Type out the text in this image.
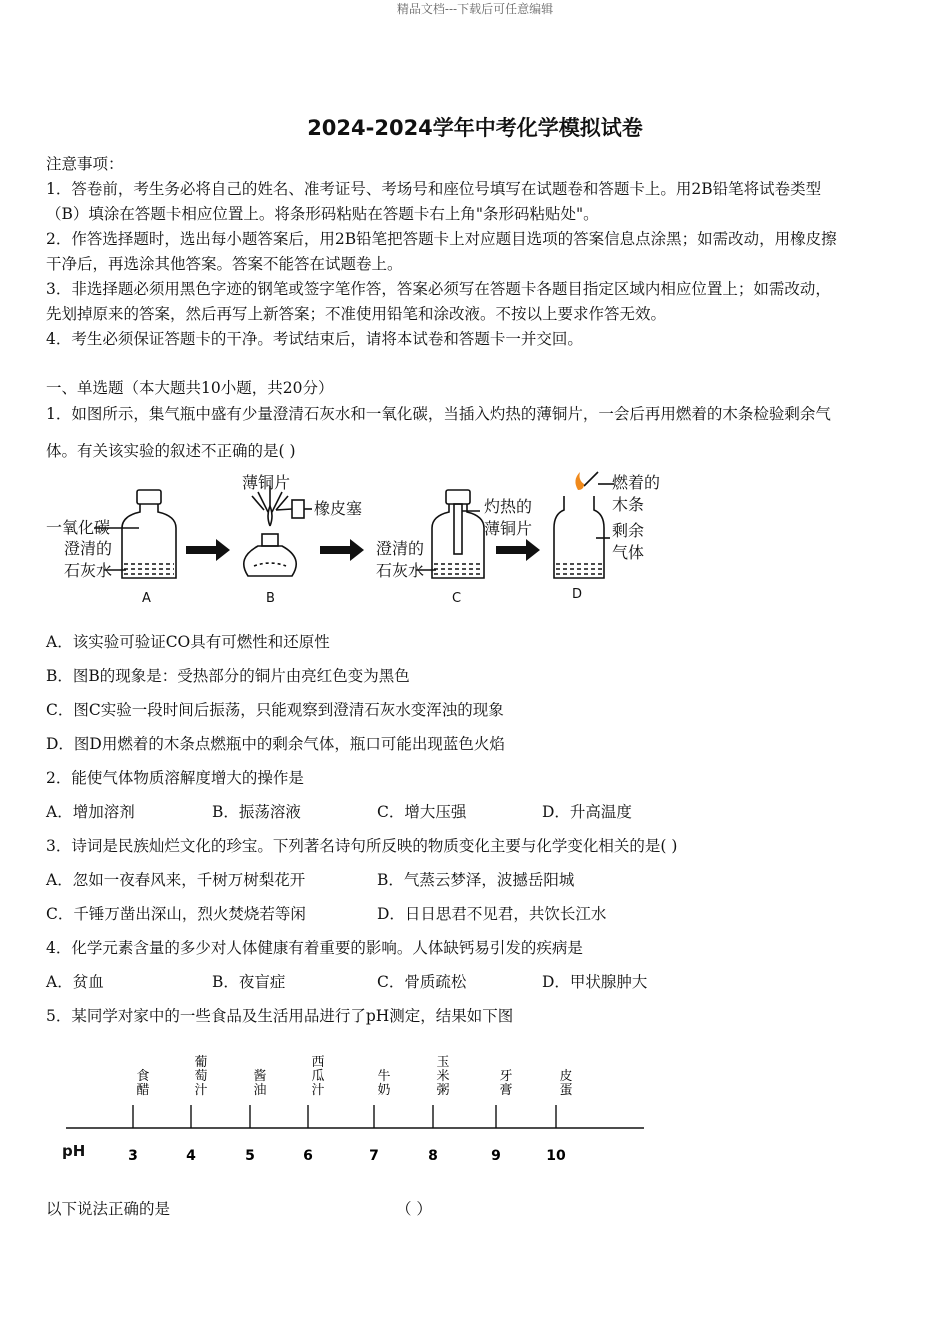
精品文档---下载后可任意编辑
2024-2024学年中考化学模拟试卷
注意事项：
1．答卷前，考生务必将自己的姓名、准考证号、考场号和座位号填写在试题卷和答题卡上。用2B铅笔将试卷类型
（B）填涂在答题卡相应位置上。将条形码粘贴在答题卡右上角"条形码粘贴处"。
2．作答选择题时，选出每小题答案后，用2B铅笔把答题卡上对应题目选项的答案信息点涂黑；如需改动，用橡皮擦
干净后，再选涂其他答案。答案不能答在试题卷上。
3．非选择题必须用黑色字迹的钢笔或签字笔作答，答案必须写在答题卡各题目指定区域内相应位置上；如需改动，
先划掉原来的答案，然后再写上新答案；不准使用铅笔和涂改液。不按以上要求作答无效。
4．考生必须保证答题卡的干净。考试结束后，请将本试卷和答题卡一并交回。
一、单选题（本大题共10小题，共20分）
1．如图所示，集气瓶中盛有少量澄清石灰水和一氧化碳，当插入灼热的薄铜片，一会后再用燃着的木条检验剩余气
体。有关该实验的叙述不正确的是( )
一氧化碳
澄清的
石灰水
A
薄铜片
橡皮塞
B
澄清的
石灰水
灼热的
薄铜片
C
燃着的
木条
剩余
气体
D
A．该实验可验证CO具有可燃性和还原性
B．图B的现象是：受热部分的铜片由亮红色变为黑色
C．图C实验一段时间后振荡，只能观察到澄清石灰水变浑浊的现象
D．图D用燃着的木条点燃瓶中的剩余气体，瓶口可能出现蓝色火焰
2．能使气体物质溶解度增大的操作是
A．增加溶剂	B．振荡溶液	C．增大压强	D．升高温度
3．诗词是民族灿烂文化的珍宝。下列著名诗句所反映的物质变化主要与化学变化相关的是( )
A．忽如一夜春风来，千树万树梨花开	B．气蒸云梦泽，波撼岳阳城
C．千锤万凿出深山，烈火焚烧若等闲	D．日日思君不见君，共饮长江水
4．化学元素含量的多少对人体健康有着重要的影响。人体缺钙易引发的疾病是
A．贫血	B．夜盲症	C．骨质疏松	D．甲状腺肿大
5．某同学对家中的一些食品及生活用品进行了pH测定，结果如下图
pH	3
食
醋
4
葡
萄
汁
5
酱
油
6
西
瓜
汁
7
牛
奶
8
玉
米
粥
9
牙
膏
10
皮
蛋
以下说法正确的是	（ ）
